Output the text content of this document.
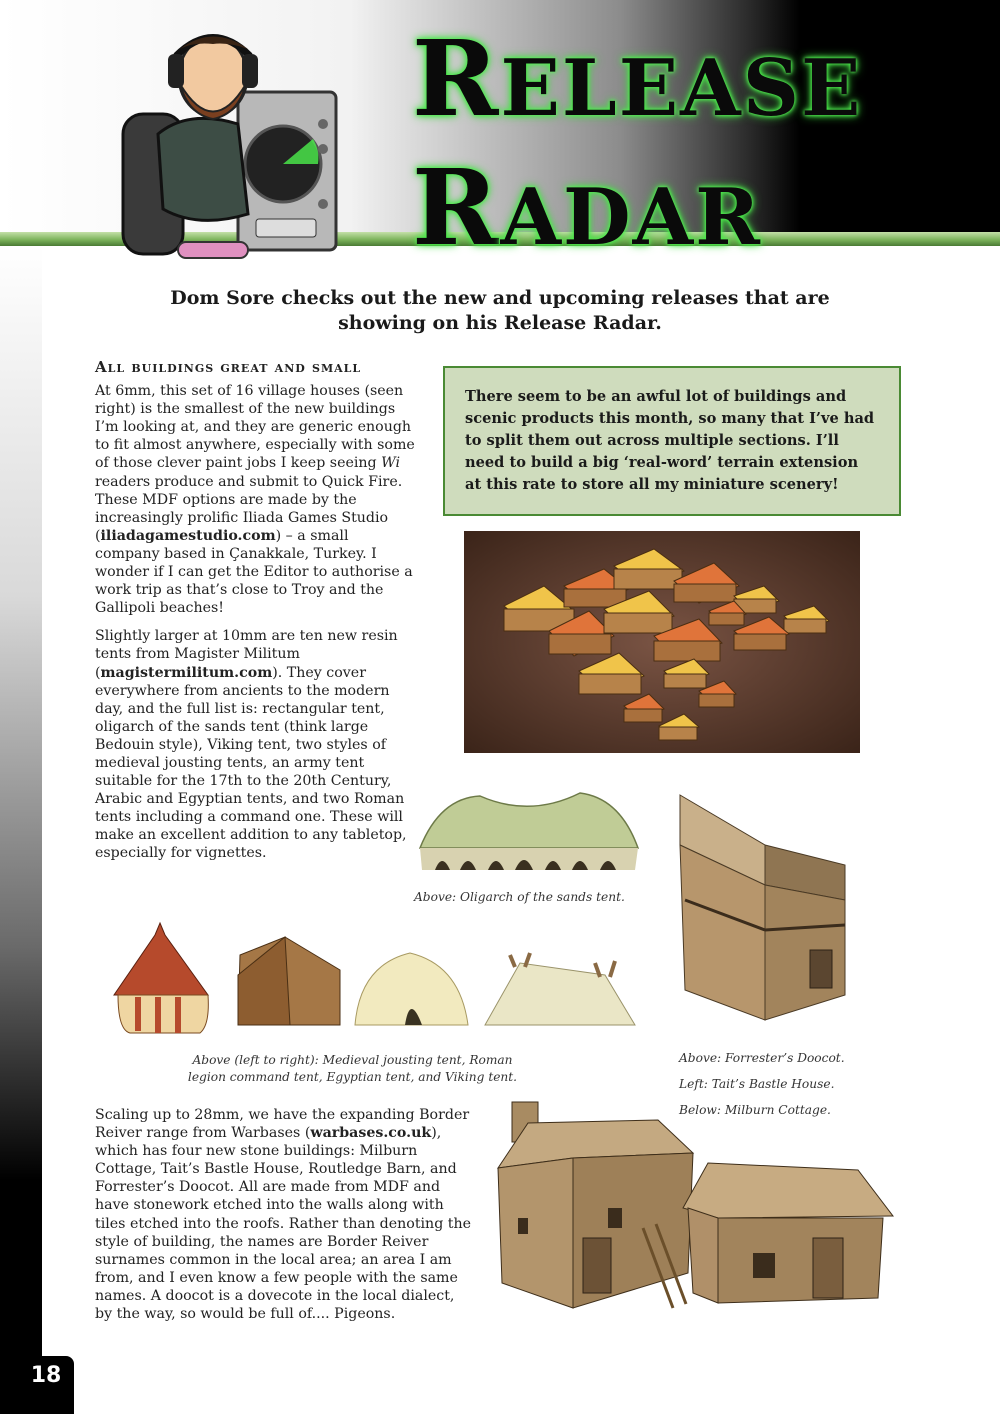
RELEASE
RADAR
Dom Sore checks out the new and upcoming releases that are showing on his Release Radar.
All buildings great and small

At 6mm, this set of 16 village houses (seen right) is the smallest of the new buildings I’m looking at, and they are generic enough to fit almost anywhere, especially with some of those clever paint jobs I keep seeing Wi readers produce and submit to Quick Fire. These MDF options are made by the increasingly prolific Iliada Games Studio (iliadagamestudio.com) – a small company based in Çanakkale, Turkey. I wonder if I can get the Editor to authorise a work trip as that’s close to Troy and the Gallipoli beaches!

Slightly larger at 10mm are ten new resin tents from Magister Militum (magistermilitum.com). They cover everywhere from ancients to the modern day, and the full list is: rectangular tent, oligarch of the sands tent (think large Bedouin style), Viking tent, two styles of medieval jousting tents, an army tent suitable for the 17th to the 20th Century, Arabic and Egyptian tents, and two Roman tents including a command one. These will make an excellent addition to any tabletop, especially for vignettes.

There seem to be an awful lot of buildings and scenic products this month, so many that I’ve had to split them out across multiple sections. I’ll need to build a big ‘real-word’ terrain extension at this rate to store all my miniature scenery!
Above: Oligarch of the sands tent.
Above (left to right): Medieval jousting tent, Roman legion command tent, Egyptian tent, and Viking tent.
Above: Forrester’s Doocot.
Left: Tait’s Bastle House.
Below: Milburn Cottage.

Scaling up to 28mm, we have the expanding Border Reiver range from Warbases (warbases.co.uk), which has four new stone buildings: Milburn Cottage, Tait’s Bastle House, Routledge Barn, and Forrester’s Doocot. All are made from MDF and have stonework etched into the walls along with tiles etched into the roofs. Rather than denoting the style of building, the names are Border Reiver surnames common in the local area; an area I am from, and I even know a few people with the same names. A doocot is a dovecote in the local dialect, by the way, so would be full of.... Pigeons.

18
